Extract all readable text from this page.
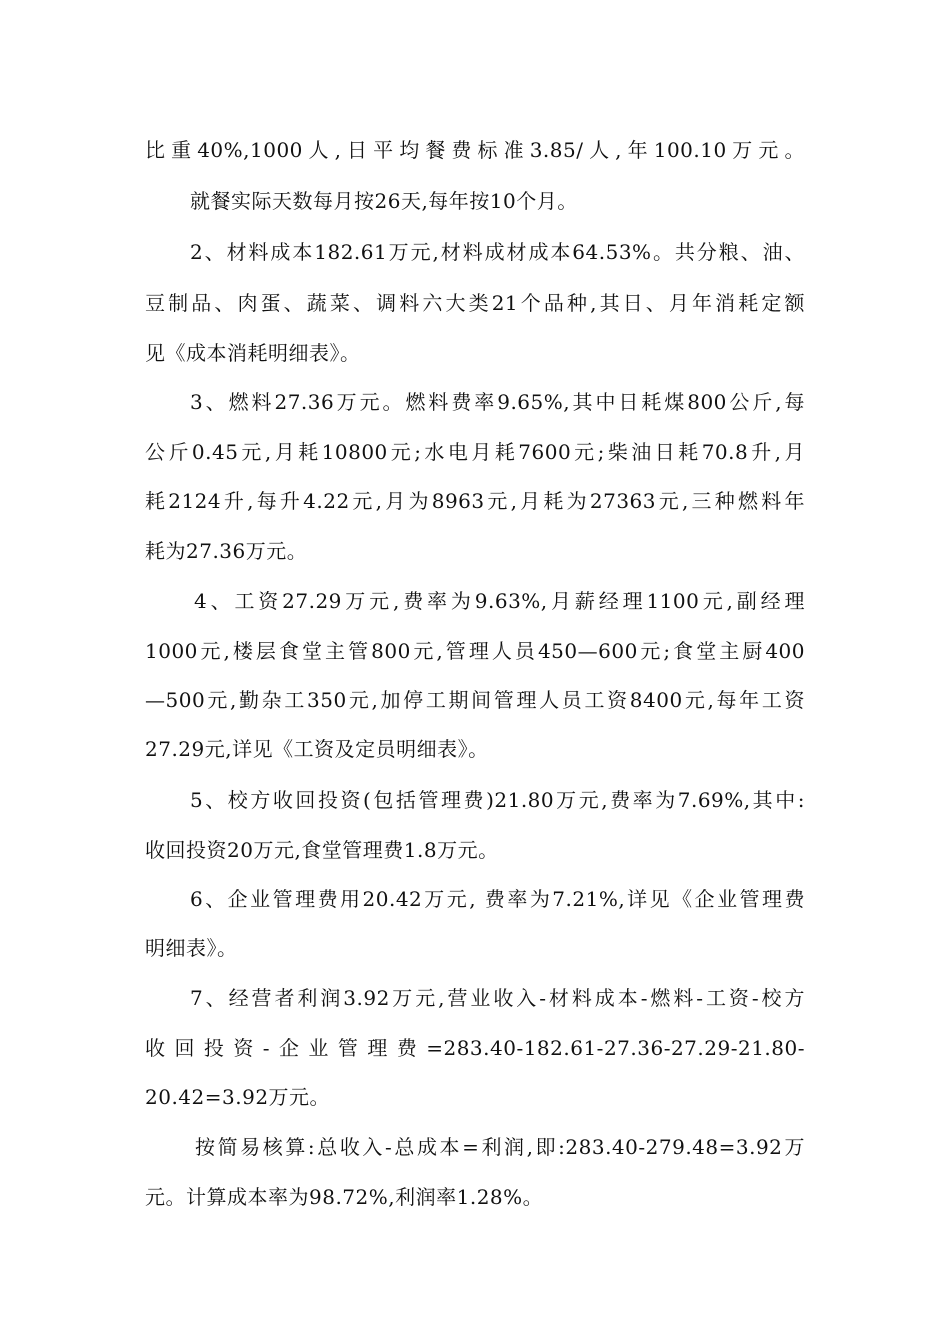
比重40%,1000人,日平均餐费标准3.85/人,年100.10万元。
就餐实际天数每月按26天,每年按10个月。
2、材料成本182.61万元,材料成材成本64.53%。共分粮、油、
豆制品、肉蛋、蔬菜、调料六大类21个品种,其日、月年消耗定额
见《成本消耗明细表》。
3、燃料27.36万元。燃料费率9.65%,其中日耗煤800公斤,每
公斤0.45元,月耗10800元;水电月耗7600元;柴油日耗70.8升,月
耗2124升,每升4.22元,月为8963元,月耗为27363元,三种燃料年
耗为27.36万元。
4、工资27.29万元,费率为9.63%,月薪经理1100元,副经理
1000元,楼层食堂主管800元,管理人员450—600元;食堂主厨400
—500元,勤杂工350元,加停工期间管理人员工资8400元,每年工资
27.29元,详见《工资及定员明细表》。
5、校方收回投资(包括管理费)21.80万元,费率为7.69%,其中:
收回投资20万元,食堂管理费1.8万元。
6、企业管理费用20.42万元, 费率为7.21%,详见《企业管理费
明细表》。
7、经营者利润3.92万元,营业收入-材料成本-燃料-工资-校方
收回投资-企业管理费=283.40-182.61-27.36-27.29-21.80-
20.42=3.92万元。
按简易核算:总收入-总成本=利润,即:283.40-279.48=3.92万
元。计算成本率为98.72%,利润率1.28%。
